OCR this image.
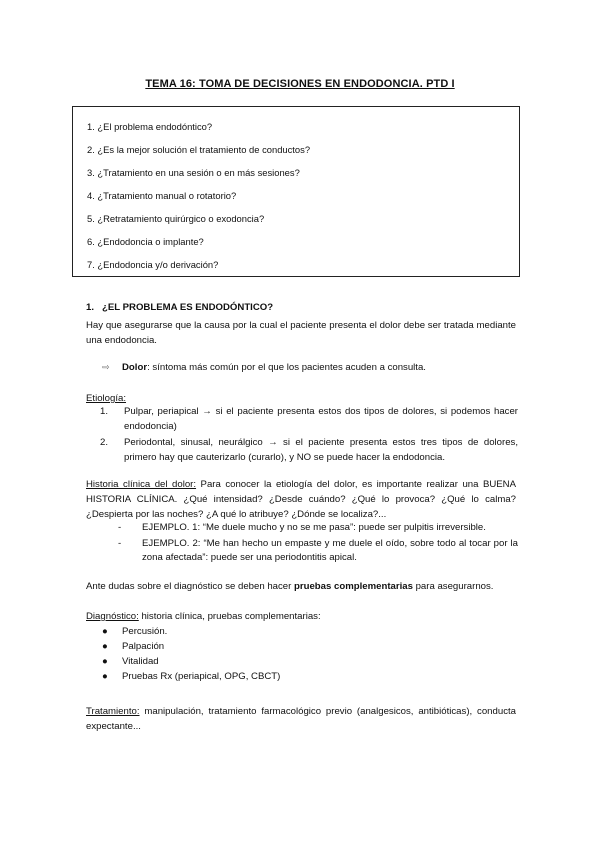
TEMA 16: TOMA DE DECISIONES EN ENDODONCIA. PTD I
1. ¿El problema endodóntico?
2. ¿Es la mejor solución el tratamiento de conductos?
3. ¿Tratamiento en una sesión o en más sesiones?
4. ¿Tratamiento manual o rotatorio?
5. ¿Retratamiento quirúrgico o exodoncia?
6. ¿Endodoncia o implante?
7. ¿Endodoncia y/o derivación?
1. ¿EL PROBLEMA ES ENDODÓNTICO?
Hay que asegurarse que la causa por la cual el paciente presenta el dolor debe ser tratada mediante una endodoncia.
⇨ Dolor: síntoma más común por el que los pacientes acuden a consulta.
Etiología:
1. Pulpar, periapical → si el paciente presenta estos dos tipos de dolores, si podemos hacer endodoncia)
2. Periodontal, sinusal, neurálgico → si el paciente presenta estos tres tipos de dolores, primero hay que cauterizarlo (curarlo), y NO se puede hacer la endodoncia.
Historia clínica del dolor: Para conocer la etiología del dolor, es importante realizar una BUENA HISTORIA CLÍNICA. ¿Qué intensidad? ¿Desde cuándo? ¿Qué lo provoca? ¿Qué lo calma? ¿Despierta por las noches? ¿A qué lo atribuye? ¿Dónde se localiza?...
- EJEMPLO. 1: “Me duele mucho y no se me pasa”: puede ser pulpitis irreversible.
- EJEMPLO. 2: “Me han hecho un empaste y me duele el oído, sobre todo al tocar por la zona afectada”: puede ser una periodontitis apical.
Ante dudas sobre el diagnóstico se deben hacer pruebas complementarias para asegurarnos.
Diagnóstico: historia clínica, pruebas complementarias:
● Percusión.
● Palpación
● Vitalidad
● Pruebas Rx (periapical, OPG, CBCT)
Tratamiento: manipulación, tratamiento farmacológico previo (analgesicos, antibióticas), conducta expectante...
